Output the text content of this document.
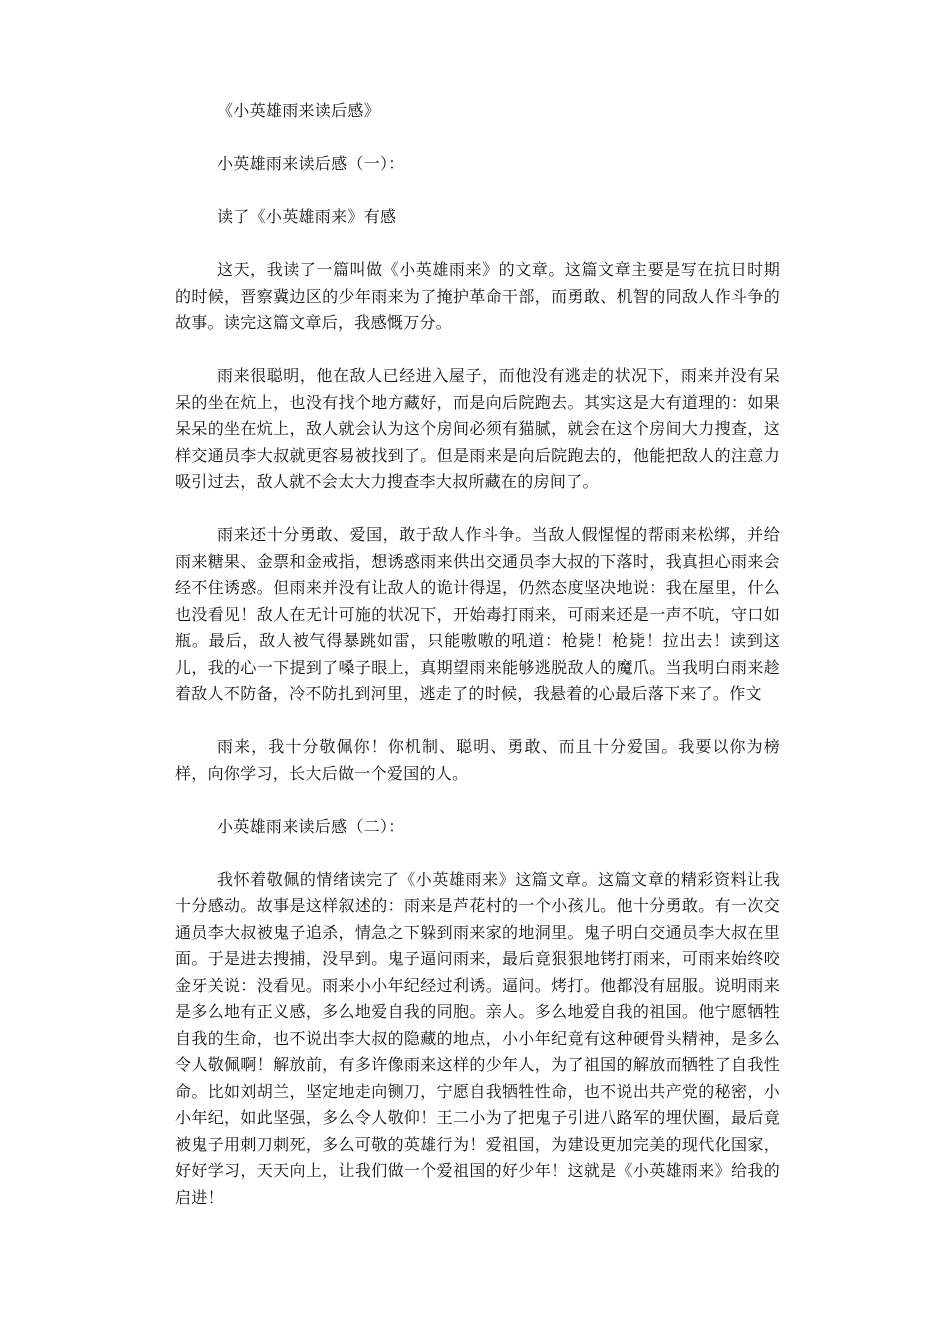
《小英雄雨来读后感》

小英雄雨来读后感（一）：

读了《小英雄雨来》有感

这天，我读了一篇叫做《小英雄雨来》的文章。这篇文章主要是写在抗日时期的时候，晋察冀边区的少年雨来为了掩护革命干部，而勇敢、机智的同敌人作斗争的故事。读完这篇文章后，我感慨万分。

雨来很聪明，他在敌人已经进入屋子，而他没有逃走的状况下，雨来并没有呆呆的坐在炕上，也没有找个地方藏好，而是向后院跑去。其实这是大有道理的：如果呆呆的坐在炕上，敌人就会认为这个房间必须有猫腻，就会在这个房间大力搜查，这样交通员李大叔就更容易被找到了。但是雨来是向后院跑去的，他能把敌人的注意力吸引过去，敌人就不会太大力搜查李大叔所藏在的房间了。

雨来还十分勇敢、爱国，敢于敌人作斗争。当敌人假惺惺的帮雨来松绑，并给雨来糖果、金票和金戒指，想诱惑雨来供出交通员李大叔的下落时，我真担心雨来会经不住诱惑。但雨来并没有让敌人的诡计得逞，仍然态度坚决地说：我在屋里，什么也没看见！敌人在无计可施的状况下，开始毒打雨来，可雨来还是一声不吭，守口如瓶。最后，敌人被气得暴跳如雷，只能嗷嗷的吼道：枪毙！枪毙！拉出去！读到这儿，我的心一下提到了嗓子眼上，真期望雨来能够逃脱敌人的魔爪。当我明白雨来趁着敌人不防备，冷不防扎到河里，逃走了的时候，我悬着的心最后落下来了。作文

雨来，我十分敬佩你！你机制、聪明、勇敢、而且十分爱国。我要以你为榜样，向你学习，长大后做一个爱国的人。

小英雄雨来读后感（二）：

我怀着敬佩的情绪读完了《小英雄雨来》这篇文章。这篇文章的精彩资料让我十分感动。故事是这样叙述的：雨来是芦花村的一个小孩儿。他十分勇敢。有一次交通员李大叔被鬼子追杀，情急之下躲到雨来家的地洞里。鬼子明白交通员李大叔在里面。于是进去搜捕，没早到。鬼子逼问雨来，最后竟狠狠地铐打雨来，可雨来始终咬金牙关说：没看见。雨来小小年纪经过利诱。逼问。烤打。他都没有屈服。说明雨来是多么地有正义感，多么地爱自我的同胞。亲人。多么地爱自我的祖国。他宁愿牺牲自我的生命，也不说出李大叔的隐藏的地点，小小年纪竟有这种硬骨头精神，是多么令人敬佩啊！解放前，有多许像雨来这样的少年人，为了祖国的解放而牺牲了自我性命。比如刘胡兰，坚定地走向铡刀，宁愿自我牺牲性命，也不说出共产党的秘密，小小年纪，如此坚强，多么令人敬仰！王二小为了把鬼子引进八路军的埋伏圈，最后竟被鬼子用刺刀刺死，多么可敬的英雄行为！爱祖国，为建设更加完美的现代化国家，好好学习，天天向上，让我们做一个爱祖国的好少年！这就是《小英雄雨来》给我的启进！
